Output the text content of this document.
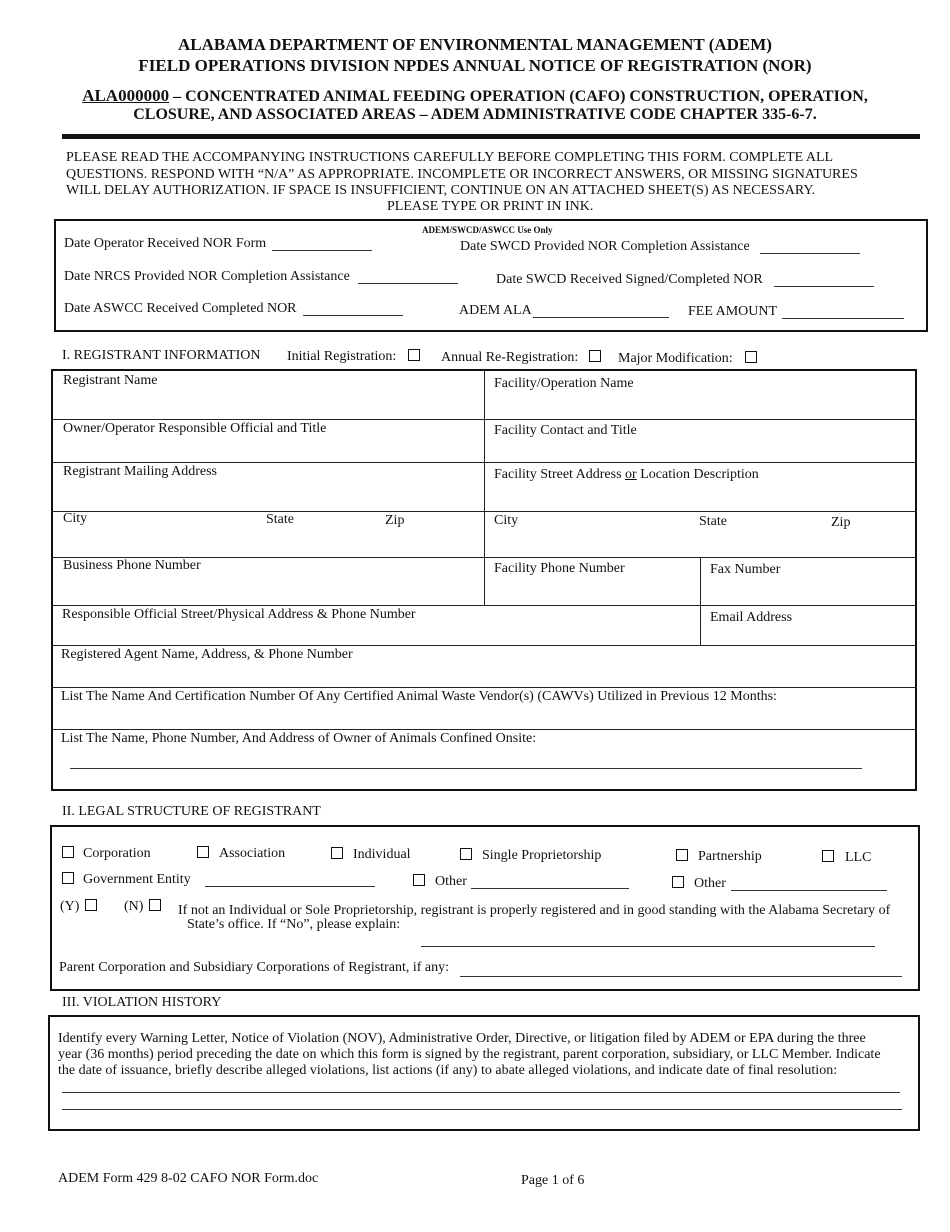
ALABAMA DEPARTMENT OF ENVIRONMENTAL MANAGEMENT (ADEM)
FIELD OPERATIONS DIVISION NPDES ANNUAL NOTICE OF REGISTRATION (NOR)
ALA000000 – CONCENTRATED ANIMAL FEEDING OPERATION (CAFO) CONSTRUCTION, OPERATION,
CLOSURE, AND ASSOCIATED AREAS – ADEM ADMINISTRATIVE CODE CHAPTER 335-6-7.
PLEASE READ THE ACCOMPANYING INSTRUCTIONS CAREFULLY BEFORE COMPLETING THIS FORM. COMPLETE ALL
QUESTIONS. RESPOND WITH “N/A” AS APPROPRIATE. INCOMPLETE OR INCORRECT ANSWERS, OR MISSING SIGNATURES
WILL DELAY AUTHORIZATION. IF SPACE IS INSUFFICIENT, CONTINUE ON AN ATTACHED SHEET(S) AS NECESSARY.
PLEASE TYPE OR PRINT IN INK.
ADEM/SWCD/ASWCC Use Only
Date Operator Received NOR Form	Date SWCD Provided NOR Completion Assistance
Date NRCS Provided NOR Completion Assistance	Date SWCD Received Signed/Completed NOR
Date ASWCC Received Completed NOR	ADEM ALA	FEE AMOUNT
I. REGISTRANT INFORMATION Initial Registration:	Annual Re-Registration:	Major Modification:
Registrant Name	Facility/Operation Name
Owner/Operator Responsible Official and Title	Facility Contact and Title
Registrant Mailing Address	Facility Street Address or Location Description
City	State	Zip	City	State	Zip
Business Phone Number	Facility Phone Number	Fax Number
Responsible Official Street/Physical Address & Phone Number	Email Address
Registered Agent Name, Address, & Phone Number
List The Name And Certification Number Of Any Certified Animal Waste Vendor(s) (CAWVs) Utilized in Previous 12 Months:
List The Name, Phone Number, And Address of Owner of Animals Confined Onsite:
II. LEGAL STRUCTURE OF REGISTRANT
Corporation	Association	Individual	Single Proprietorship	Partnership	LLC
Government Entity	Other	Other
(Y)	(N) If not an Individual or Sole Proprietorship, registrant is properly registered and in good standing with the Alabama Secretary of
State’s office. If “No”, please explain:
Parent Corporation and Subsidiary Corporations of Registrant, if any:
III. VIOLATION HISTORY
Identify every Warning Letter, Notice of Violation (NOV), Administrative Order, Directive, or litigation filed by ADEM or EPA during the three
year (36 months) period preceding the date on which this form is signed by the registrant, parent corporation, subsidiary, or LLC Member. Indicate
the date of issuance, briefly describe alleged violations, list actions (if any) to abate alleged violations, and indicate date of final resolution:
ADEM Form 429 8-02 CAFO NOR Form.doc	Page 1 of 6
